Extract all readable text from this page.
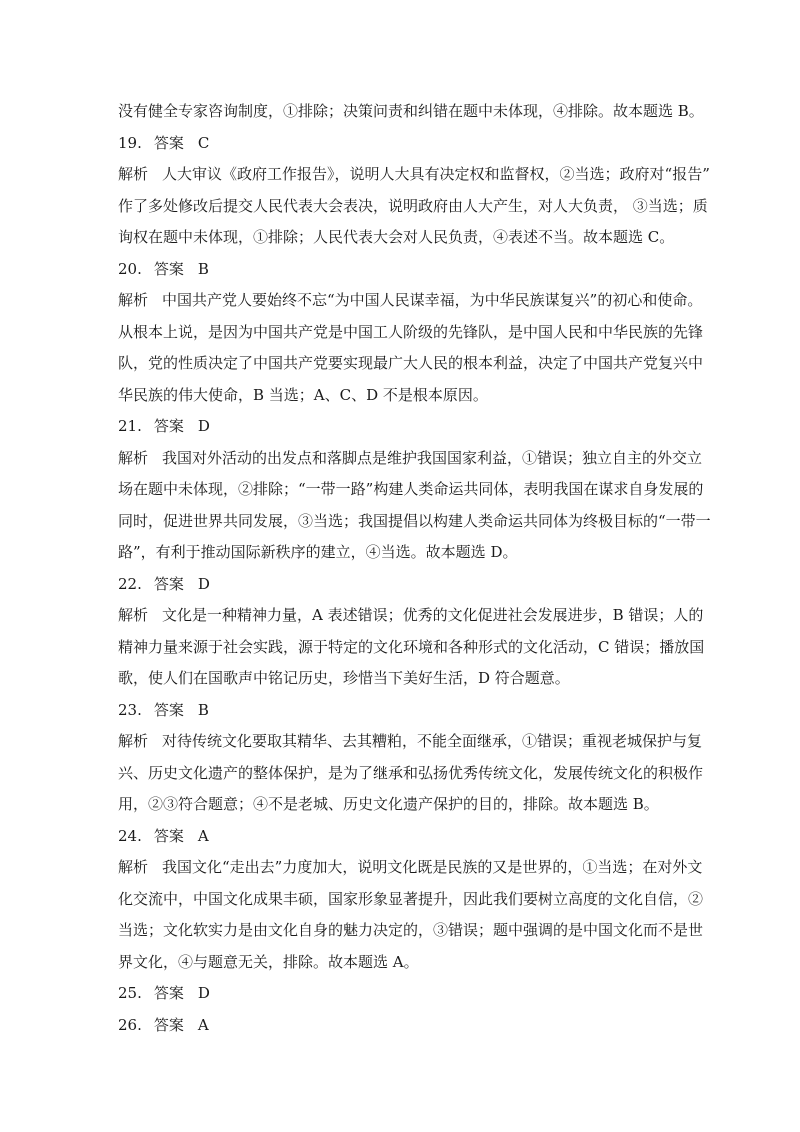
没有健全专家咨询制度，①排除；决策问责和纠错在题中未体现，④排除。故本题选 B。
19. 答案 C
解析 人大审议《政府工作报告》，说明人大具有决定权和监督权，②当选；政府对“报告”
作了多处修改后提交人民代表大会表决，说明政府由人大产生，对人大负责， ③当选；质
询权在题中未体现，①排除；人民代表大会对人民负责，④表述不当。故本题选 C。
20. 答案 B
解析 中国共产党人要始终不忘“为中国人民谋幸福，为中华民族谋复兴”的初心和使命。
从根本上说，是因为中国共产党是中国工人阶级的先锋队，是中国人民和中华民族的先锋
队，党的性质决定了中国共产党要实现最广大人民的根本利益，决定了中国共产党复兴中
华民族的伟大使命，B 当选；A、C、D 不是根本原因。
21. 答案 D
解析 我国对外活动的出发点和落脚点是维护我国国家利益，①错误；独立自主的外交立
场在题中未体现，②排除；“一带一路”构建人类命运共同体，表明我国在谋求自身发展的
同时，促进世界共同发展，③当选；我国提倡以构建人类命运共同体为终极目标的“一带一
路”，有利于推动国际新秩序的建立，④当选。故本题选 D。
22. 答案 D
解析 文化是一种精神力量，A 表述错误；优秀的文化促进社会发展进步，B 错误；人的
精神力量来源于社会实践，源于特定的文化环境和各种形式的文化活动，C 错误；播放国
歌，使人们在国歌声中铭记历史，珍惜当下美好生活，D 符合题意。
23. 答案 B
解析 对待传统文化要取其精华、去其糟粕，不能全面继承，①错误；重视老城保护与复
兴、历史文化遗产的整体保护，是为了继承和弘扬优秀传统文化，发展传统文化的积极作
用，②③符合题意；④不是老城、历史文化遗产保护的目的，排除。故本题选 B。
24. 答案 A
解析 我国文化“走出去”力度加大，说明文化既是民族的又是世界的，①当选；在对外文
化交流中，中国文化成果丰硕，国家形象显著提升，因此我们要树立高度的文化自信，②
当选；文化软实力是由文化自身的魅力决定的，③错误；题中强调的是中国文化而不是世
界文化，④与题意无关，排除。故本题选 A。
25. 答案 D
26. 答案 A
